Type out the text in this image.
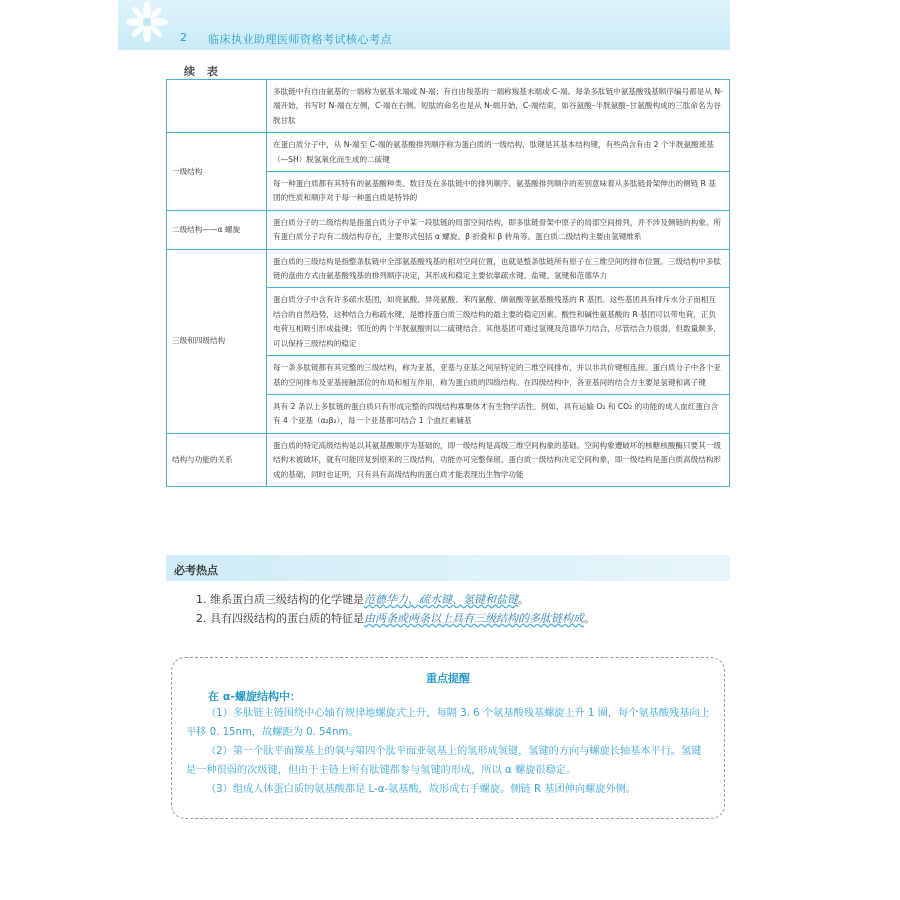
2 临床执业助理医师资格考试核心考点
续 表
	多肽链中有自由氨基的一端称为氨基末端或 N-端；有自由羧基的一端称羧基末端或 C-端。每条多肽链中氨基酸残基顺序编号都是从 N-端开始，书写时 N-端在左侧，C-端在右侧。短肽的命名也是从 N-端开始，C-端结束，如谷氨酸–半胱氨酸–甘氨酸构成的三肽命名为谷胱甘肽
一级结构	在蛋白质分子中，从 N-端至 C-端的氨基酸排列顺序称为蛋白质的一级结构，肽键是其基本结构键，有些尚含有由 2 个半胱氨酸巯基（—SH）脱氢氧化而生成的二硫键
	每一种蛋白质都有其特有的氨基酸种类、数目及在多肽链中的排列顺序。氨基酸排列顺序的差别意味着从多肽链骨架伸出的侧链 R 基团的性质和顺序对于每一种蛋白质是特异的
二级结构——α 螺旋	蛋白质分子的二级结构是指蛋白质分子中某一段肽链的局部空间结构，即多肽链骨架中原子的局部空间排列，并不涉及侧链的构象。所有蛋白质分子均有二级结构存在，主要形式包括 α 螺旋、β 折叠和 β 转角等。蛋白质二级结构主要由氢键维系
三级和四级结构	蛋白质的三级结构是指整条肽链中全部氨基酸残基的相对空间位置，也就是整条肽链所有原子在三维空间的排布位置。三级结构中多肽链的盘曲方式由氨基酸残基的排列顺序决定，其形成和稳定主要依靠疏水键、盐键、氢键和范德华力
	蛋白质分子中含有许多疏水基团，如亮氨酸、异亮氨酸、苯丙氨酸、缬氨酸等氨基酸残基的 R 基团。这些基团具有排斥水分子而相互结合的自然趋势，这种结合力称疏水键，是维持蛋白质三级结构的最主要的稳定因素。酸性和碱性氨基酸的 R 基团可以带电荷，正负电荷互相吸引形成盐键；邻近的两个半胱氨酸则以二硫键结合。其他基团可通过氢键及范德华力结合，尽管结合力很弱，但数量颇多，可以保持三级结构的稳定
	每一条多肽链都有其完整的三级结构，称为亚基，亚基与亚基之间呈特定的三维空间排布，并以非共价键相连接。蛋白质分子中各个亚基的空间排布及亚基接触部位的布局和相互作用，称为蛋白质的四级结构。在四级结构中，各亚基间的结合力主要是氢键和离子键
	具有 2 条以上多肽链的蛋白质只有形成完整的四级结构寡聚体才有生物学活性。例如，具有运输 O₂ 和 CO₂ 的功能的成人血红蛋白含有 4 个亚基（α₂β₂），每一个亚基都可结合 1 个血红素辅基
结构与功能的关系	蛋白质的特定高级结构是以其氨基酸顺序为基础的，即一级结构是高级三维空间构象的基础。空间构象遭破坏的核糖核酸酶只要其一级结构未被破坏，就有可能回复到原来的三级结构，功能亦可完整保留。蛋白质一级结构决定空间构象，即一级结构是蛋白质高级结构形成的基础，同时也证明，只有具有高级结构的蛋白质才能表现出生物学功能
必考热点
1. 维系蛋白质三级结构的化学键是范德华力、疏水键、氢键和盐键。
2. 具有四级结构的蛋白质的特征是由两条或两条以上具有三级结构的多肽链构成。
重点提醒
在 α-螺旋结构中：

（1）多肽链主链围绕中心轴有规律地螺旋式上升，每隔 3. 6 个氨基酸残基螺旋上升 1 圈，每个氨基酸残基向上平移 0. 15nm，故螺距为 0. 54nm。

（2）第一个肽平面羰基上的氧与第四个肽平面亚氨基上的氢形成氢键，氢键的方向与螺旋长轴基本平行。氢键是一种很弱的次级键，但由于主链上所有肽键都参与氢键的形成，所以 α 螺旋很稳定。

（3）组成人体蛋白质的氨基酸都是 L-α-氨基酸，故形成右手螺旋。侧链 R 基团伸向螺旋外侧。
